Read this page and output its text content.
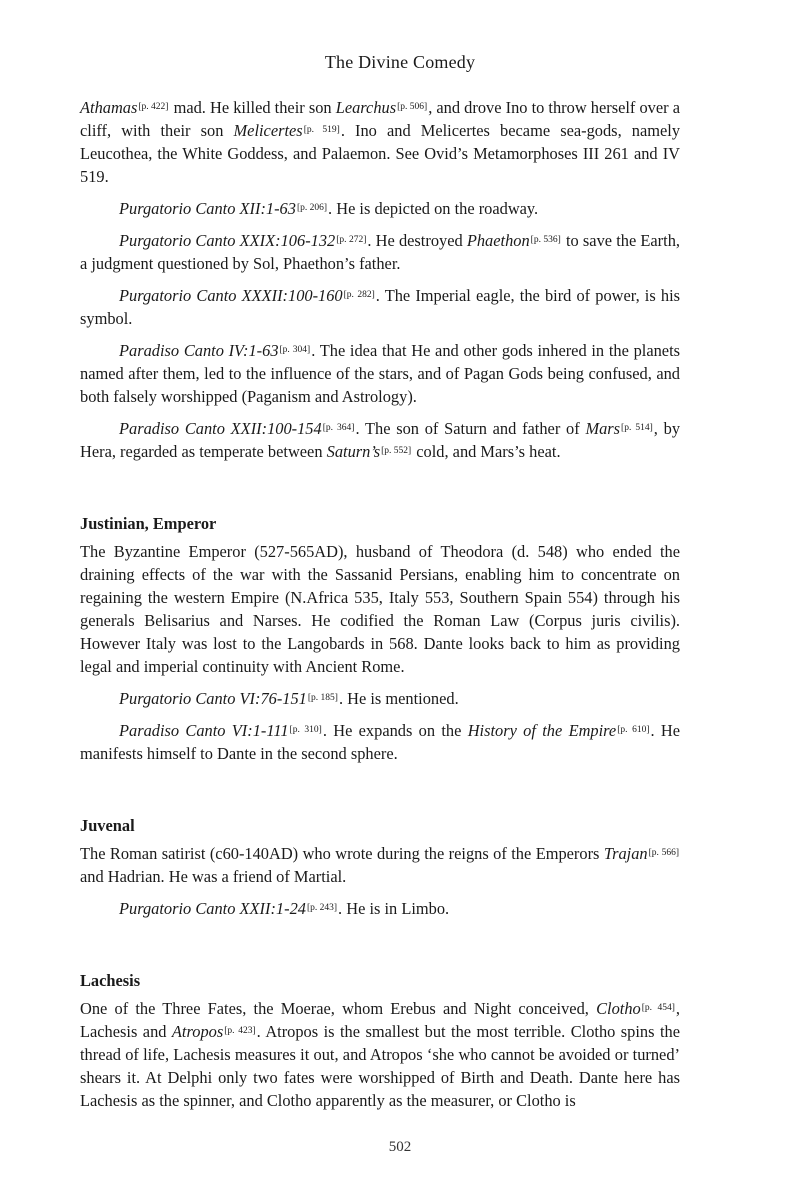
The Divine Comedy

Athamas[p. 422] mad. He killed their son Learchus[p. 506], and drove Ino to throw herself over a cliff, with their son Melicertes[p. 519]. Ino and Melicertes became sea-gods, namely Leucothea, the White Goddess, and Palaemon. See Ovid’s Metamorphoses III 261 and IV 519.

Purgatorio Canto XII:1-63[p. 206]. He is depicted on the roadway.

Purgatorio Canto XXIX:106-132[p. 272]. He destroyed Phaethon[p. 536] to save the Earth, a judgment questioned by Sol, Phaethon’s father.

Purgatorio Canto XXXII:100-160[p. 282]. The Imperial eagle, the bird of power, is his symbol.

Paradiso Canto IV:1-63[p. 304]. The idea that He and other gods inhered in the planets named after them, led to the influence of the stars, and of Pagan Gods being confused, and both falsely worshipped (Paganism and Astrology).

Paradiso Canto XXII:100-154[p. 364]. The son of Saturn and father of Mars[p. 514], by Hera, regarded as temperate between Saturn’s[p. 552] cold, and Mars’s heat.

Justinian, Emperor

The Byzantine Emperor (527-565AD), husband of Theodora (d. 548) who ended the draining effects of the war with the Sassanid Persians, enabling him to concentrate on regaining the western Empire (N.Africa 535, Italy 553, Southern Spain 554) through his generals Belisarius and Narses. He codified the Roman Law (Corpus juris civilis). However Italy was lost to the Langobards in 568. Dante looks back to him as providing legal and imperial continuity with Ancient Rome.

Purgatorio Canto VI:76-151[p. 185]. He is mentioned.

Paradiso Canto VI:1-111[p. 310]. He expands on the History of the Empire[p. 610]. He manifests himself to Dante in the second sphere.

Juvenal

The Roman satirist (c60-140AD) who wrote during the reigns of the Emperors Trajan[p. 566] and Hadrian. He was a friend of Martial.

Purgatorio Canto XXII:1-24[p. 243]. He is in Limbo.

Lachesis

One of the Three Fates, the Moerae, whom Erebus and Night conceived, Clotho[p. 454], Lachesis and Atropos[p. 423]. Atropos is the smallest but the most terrible. Clotho spins the thread of life, Lachesis measures it out, and Atropos ‘she who cannot be avoided or turned’ shears it. At Delphi only two fates were worshipped of Birth and Death. Dante here has Lachesis as the spinner, and Clotho apparently as the measurer, or Clotho is

502
